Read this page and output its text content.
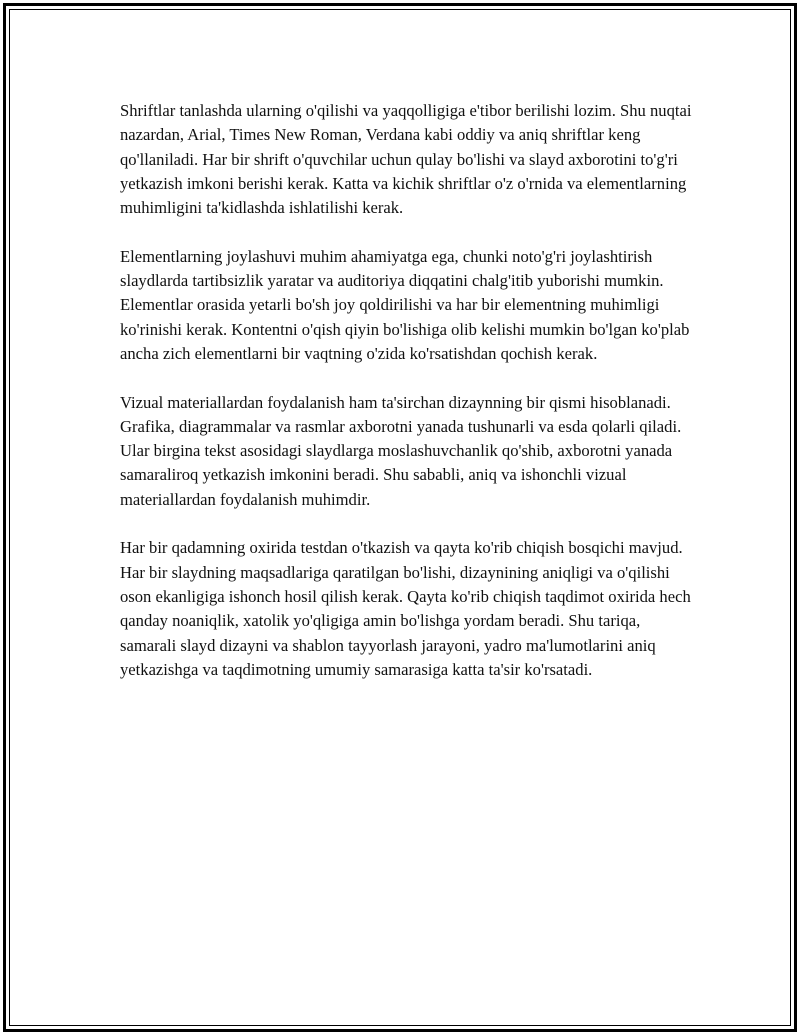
Shriftlar tanlashda ularning o'qilishi va yaqqolligiga e'tibor berilishi lozim. Shu nuqtai nazardan, Arial, Times New Roman, Verdana kabi oddiy va aniq shriftlar keng qo'llaniladi. Har bir shrift o'quvchilar uchun qulay bo'lishi va slayd axborotini to'g'ri yetkazish imkoni berishi kerak. Katta va kichik shriftlar o'z o'rnida va elementlarning muhimligini ta'kidlashda ishlatilishi kerak.

Elementlarning joylashuvi muhim ahamiyatga ega, chunki noto'g'ri joylashtirish slaydlarda tartibsizlik yaratar va auditoriya diqqatini chalg'itib yuborishi mumkin. Elementlar orasida yetarli bo'sh joy qoldirilishi va har bir elementning muhimligi ko'rinishi kerak. Kontentni o'qish qiyin bo'lishiga olib kelishi mumkin bo'lgan ko'plab ancha zich elementlarni bir vaqtning o'zida ko'rsatishdan qochish kerak.

Vizual materiallardan foydalanish ham ta'sirchan dizaynning bir qismi hisoblanadi. Grafika, diagrammalar va rasmlar axborotni yanada tushunarli va esda qolarli qiladi. Ular birgina tekst asosidagi slaydlarga moslashuvchanlik qo'shib, axborotni yanada samaraliroq yetkazish imkonini beradi. Shu sababli, aniq va ishonchli vizual materiallardan foydalanish muhimdir.

Har bir qadamning oxirida testdan o'tkazish va qayta ko'rib chiqish bosqichi mavjud. Har bir slaydning maqsadlariga qaratilgan bo'lishi, dizaynining aniqligi va o'qilishi oson ekanligiga ishonch hosil qilish kerak. Qayta ko'rib chiqish taqdimot oxirida hech qanday noaniqlik, xatolik yo'qligiga amin bo'lishga yordam beradi. Shu tariqa, samarali slayd dizayni va shablon tayyorlash jarayoni, yadro ma'lumotlarini aniq yetkazishga va taqdimotning umumiy samarasiga katta ta'sir ko'rsatadi.
